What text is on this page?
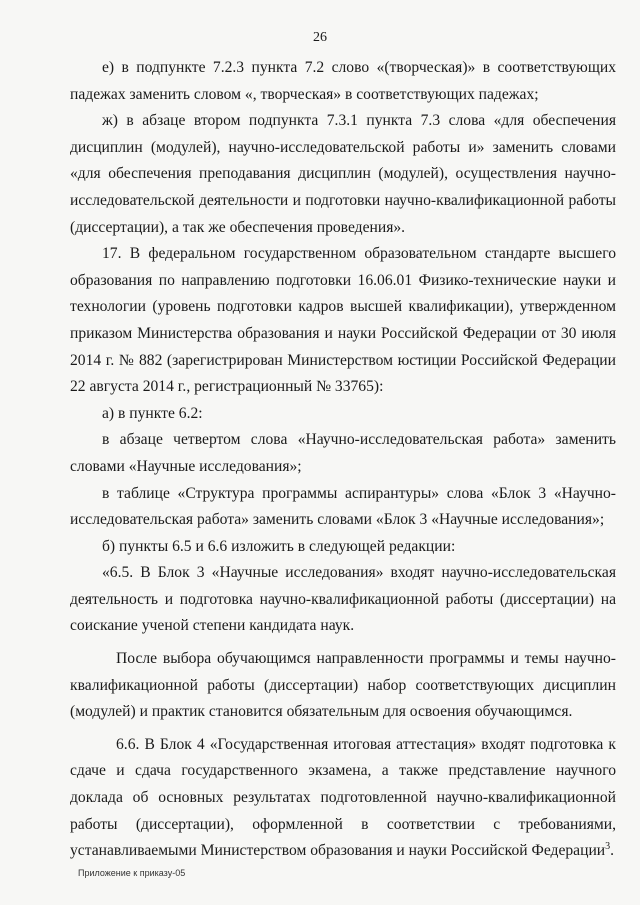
26

е) в подпункте 7.2.3 пункта 7.2 слово «(творческая)» в соответствующих падежах заменить словом «, творческая» в соответствующих падежах;

ж) в абзаце втором подпункта 7.3.1 пункта 7.3 слова «для обеспечения дисциплин (модулей), научно-исследовательской работы и» заменить словами «для обеспечения преподавания дисциплин (модулей), осуществления научно-исследовательской деятельности и подготовки научно-квалификационной работы (диссертации), а так же обеспечения проведения».

17. В федеральном государственном образовательном стандарте высшего образования по направлению подготовки 16.06.01 Физико-технические науки и технологии (уровень подготовки кадров высшей квалификации), утвержденном приказом Министерства образования и науки Российской Федерации от 30 июля 2014 г. № 882 (зарегистрирован Министерством юстиции Российской Федерации 22 августа 2014 г., регистрационный № 33765):

а) в пункте 6.2:

в абзаце четвертом слова «Научно-исследовательская работа» заменить словами «Научные исследования»;

в таблице «Структура программы аспирантуры» слова «Блок 3 «Научно-исследовательская работа» заменить словами «Блок 3 «Научные исследования»;

б) пункты 6.5 и 6.6 изложить в следующей редакции:

«6.5. В Блок 3 «Научные исследования» входят научно-исследовательская деятельность и подготовка научно-квалификационной работы (диссертации) на соискание ученой степени кандидата наук.

После выбора обучающимся направленности программы и темы научно-квалификационной работы (диссертации) набор соответствующих дисциплин (модулей) и практик становится обязательным для освоения обучающимся.

6.6. В Блок 4 «Государственная итоговая аттестация» входят подготовка к сдаче и сдача государственного экзамена, а также представление научного доклада об основных результатах подготовленной научно-квалификационной работы (диссертации), оформленной в соответствии с требованиями, устанавливаемыми Министерством образования и науки Российской Федерации$^3$.

Приложение к приказу-05
